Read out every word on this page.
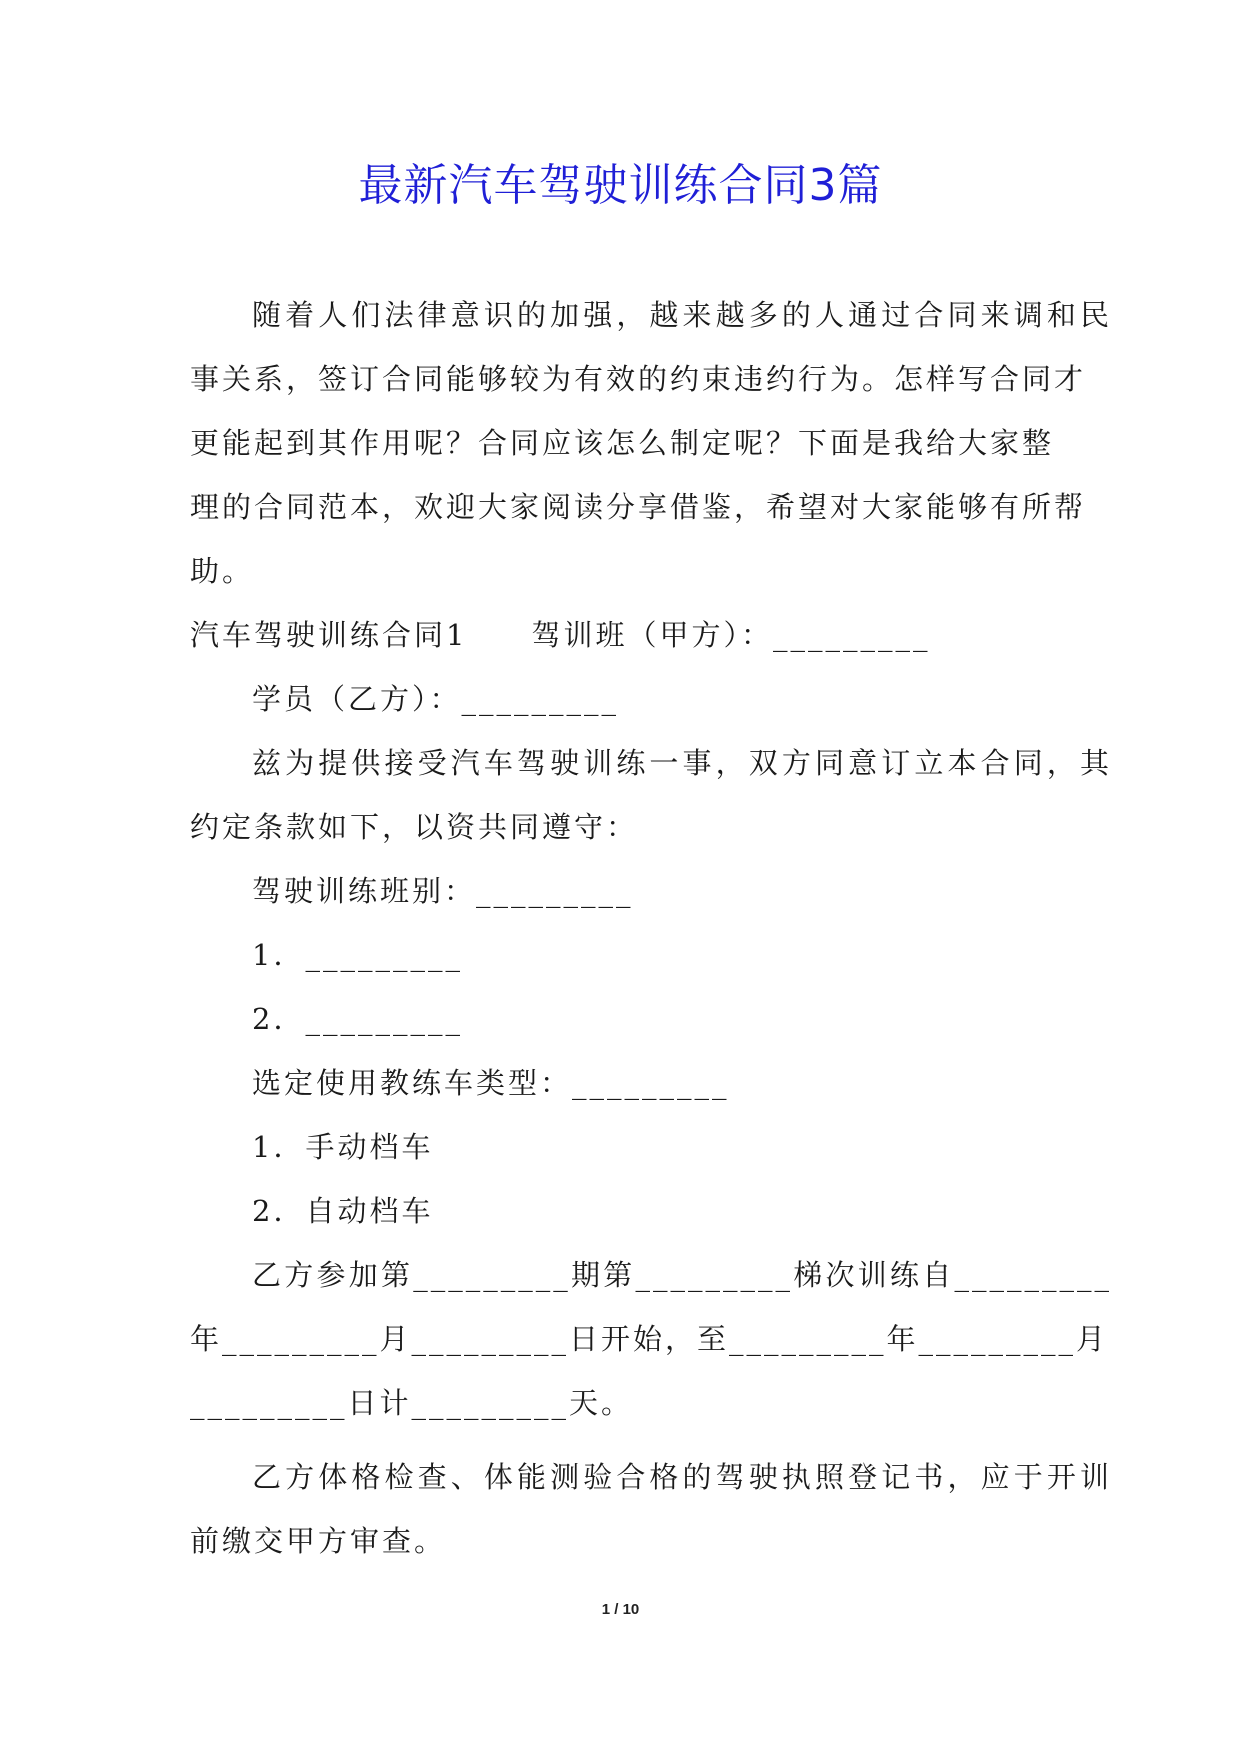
最新汽车驾驶训练合同3篇
随着人们法律意识的加强，越来越多的人通过合同来调和民
事关系，签订合同能够较为有效的约束违约行为。怎样写合同才
更能起到其作用呢？合同应该怎么制定呢？下面是我给大家整
理的合同范本，欢迎大家阅读分享借鉴，希望对大家能够有所帮
助。
汽车驾驶训练合同1　　驾训班（甲方）：_________
学员（乙方）：_________
兹为提供接受汽车驾驶训练一事，双方同意订立本合同，其
约定条款如下，以资共同遵守：
驾驶训练班别：_________
1．_________
2．_________
选定使用教练车类型：_________
1．手动档车
2．自动档车
乙方参加第_________期第_________梯次训练自_________
年_________月_________日开始，至_________年_________月
_________日计_________天。
乙方体格检查、体能测验合格的驾驶执照登记书，应于开训
前缴交甲方审查。
1 / 10
